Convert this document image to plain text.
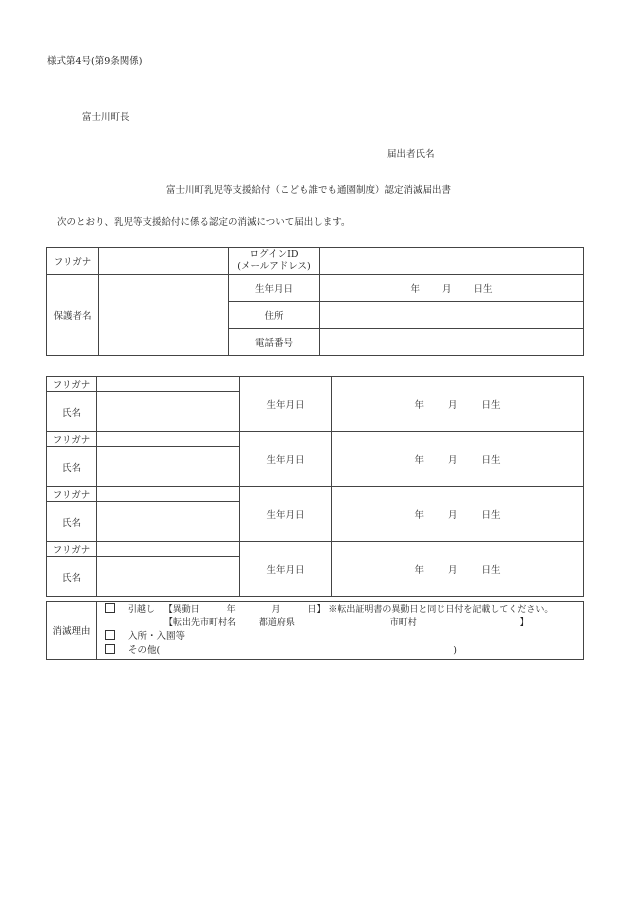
様式第4号(第9条関係)
富士川町長
届出者氏名
富士川町乳児等支援給付（こども誰でも通園制度）認定消滅届出書
次のとおり、乳児等支援給付に係る認定の消滅について届出します。
フリガナ		ログインID
(メールアドレス)	

保護者名		生年月日	年 月 日生

		住所	
		電話番号	
フリガナ		生年月日	年 月 日生

氏名			
フリガナ		生年月日	年 月 日生

氏名			
フリガナ		生年月日	年 月 日生

氏名			
フリガナ		生年月日	年 月 日生

氏名			
消滅理由	
引越し 【異動日	年	月	日】 ※転出証明書の異動日と同じ日付を記載してください。
【転出先市町村名	都道府県	市町村	】
入所・入園等
その他(	)
